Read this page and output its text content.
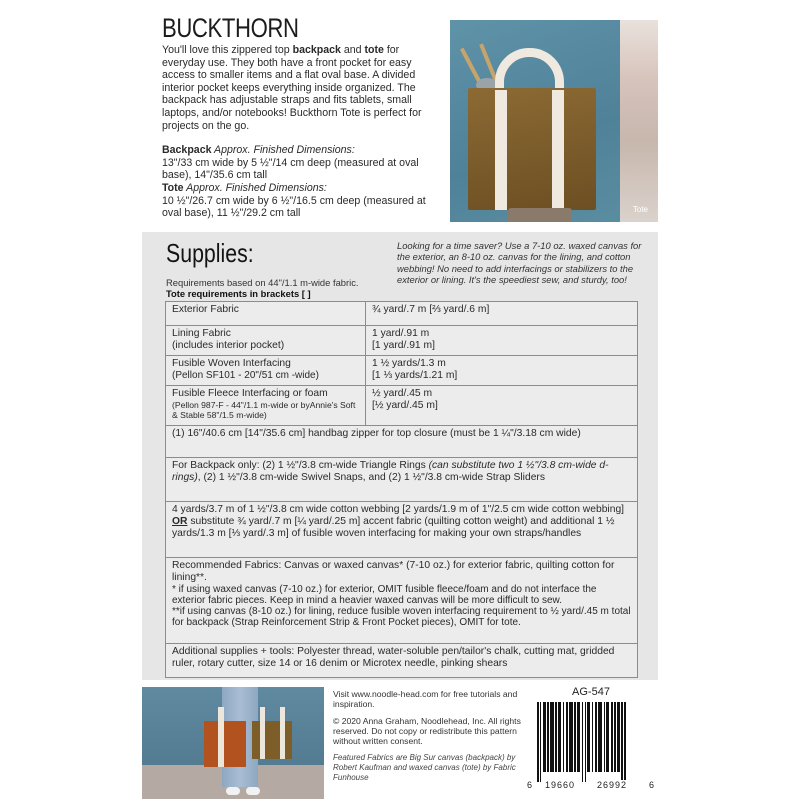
BUCKTHORN

You'll love this zippered top backpack and tote for everyday use. They both have a front pocket for easy access to smaller items and a flat oval base. A divided interior pocket keeps everything inside organized. The backpack has adjustable straps and fits tablets, small laptops, and/or notebooks! Buckthorn Tote is perfect for projects on the go.

Backpack Approx. Finished Dimensions:

13"/33 cm wide by 5 ½"/14 cm deep (measured at oval base), 14"/35.6 cm tall

Tote Approx. Finished Dimensions:

10 ½"/26.7 cm wide by 6 ½"/16.5 cm deep (measured at oval base), 11 ½"/29.2 cm tall	Tote
Supplies:
Requirements based on 44"/1.1 m-wide fabric.
Tote requirements in brackets [ ]
Looking for a time saver? Use a 7-10 oz. waxed canvas for the exterior, an 8-10 oz. canvas for the lining, and cotton webbing! No need to add interfacings or stabilizers to the exterior or lining. It's the speediest sew, and sturdy, too!
Exterior Fabric	¾ yard/.7 m [⅔ yard/.6 m]
Lining Fabric
(includes interior pocket)
1 yard/.91 m
[1 yard/.91 m]
Fusible Woven Interfacing
(Pellon SF101 - 20"/51 cm -wide)
1 ½ yards/1.3 m
[1 ⅓ yards/1.21 m]
Fusible Fleece Interfacing or foam
(Pellon 987-F - 44"/1.1 m-wide or byAnnie's Soft & Stable 58"/1.5 m-wide)
½ yard/.45 m
[½ yard/.45 m]
(1) 16"/40.6 cm [14"/35.6 cm] handbag zipper for top closure (must be 1 ¼"/3.18 cm wide)
For Backpack only: (2) 1 ½"/3.8 cm-wide Triangle Rings (can substitute two 1 ½"/3.8 cm-wide d-rings), (2) 1 ½"/3.8 cm-wide Swivel Snaps, and (2) 1 ½"/3.8 cm-wide Strap Sliders
4 yards/3.7 m of 1 ½"/3.8 cm wide cotton webbing [2 yards/1.9 m of 1"/2.5 cm wide cotton webbing] OR substitute ¾ yard/.7 m [¼ yard/.25 m] accent fabric (quilting cotton weight) and additional 1 ½ yards/1.3 m [⅓ yard/.3 m] of fusible woven interfacing for making your own straps/handles
Recommended Fabrics: Canvas or waxed canvas* (7-10 oz.) for exterior fabric, quilting cotton for lining**.
* if using waxed canvas (7-10 oz.) for exterior, OMIT fusible fleece/foam and do not interface the exterior fabric pieces. Keep in mind a heavier waxed canvas will be more difficult to sew.
**if using canvas (8-10 oz.) for lining, reduce fusible woven interfacing requirement to ½ yard/.45 m total for backpack (Strap Reinforcement Strip & Front Pocket pieces), OMIT for tote.
Additional supplies + tools: Polyester thread, water-soluble pen/tailor's chalk, cutting mat, gridded ruler, rotary cutter, size 14 or 16 denim or Microtex needle, pinking shears

Visit www.noodle-head.com for free tutorials and inspiration.

© 2020 Anna Graham, Noodlehead, Inc. All rights reserved. Do not copy or redistribute this pattern without written consent.

Featured Fabrics are Big Sur canvas (backpack) by Robert Kaufman and waxed canvas (tote) by Fabric Funhouse

AG-547
6 19660 26992 6
